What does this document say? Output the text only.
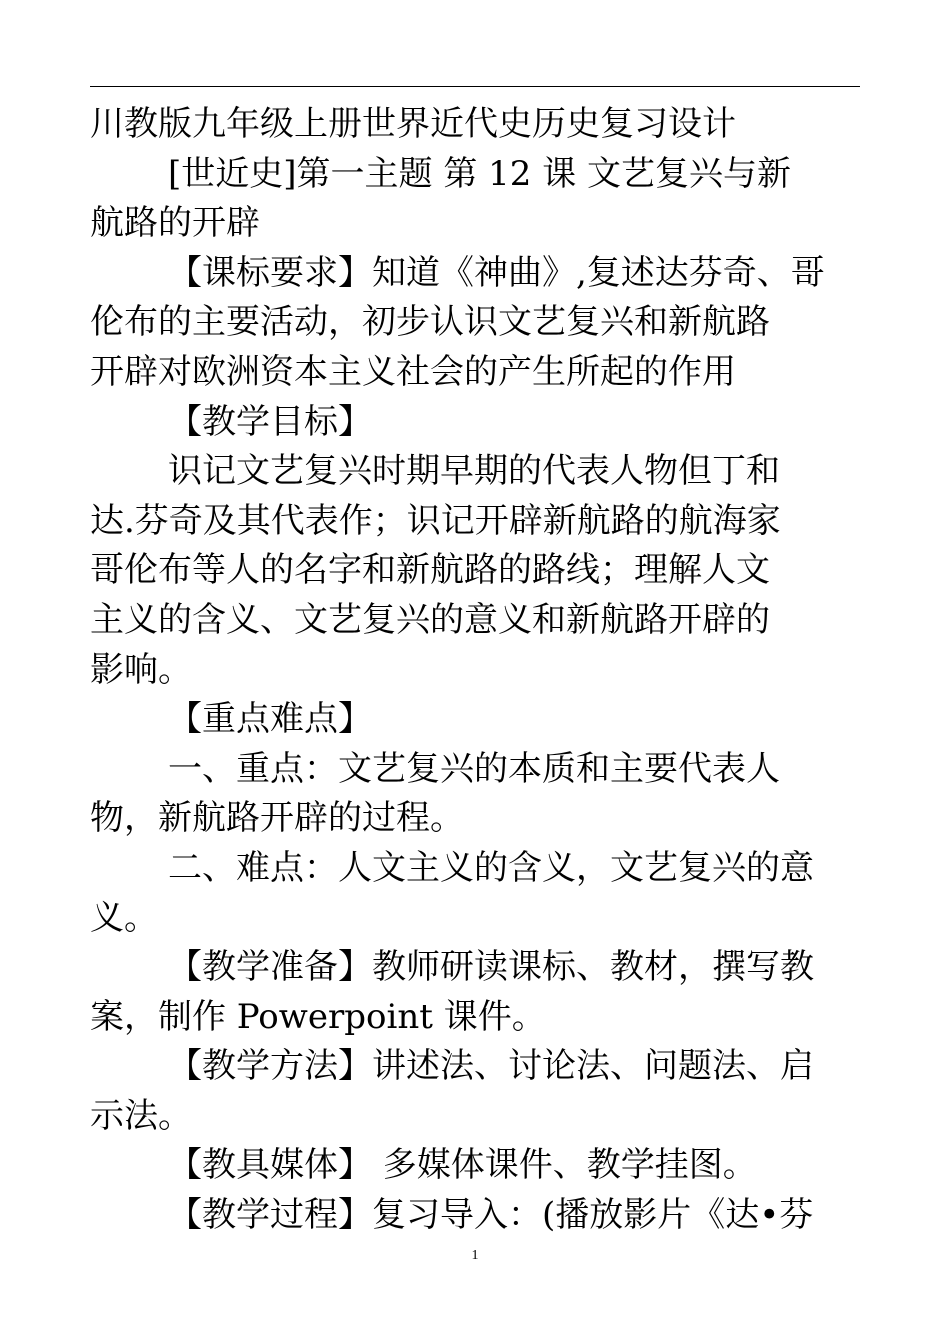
川教版九年级上册世界近代史历史复习设计
[世近史]第一主题 第 12 课 文艺复兴与新
航路的开辟
【课标要求】知道《神曲》,复述达芬奇、哥
伦布的主要活动，初步认识文艺复兴和新航路
开辟对欧洲资本主义社会的产生所起的作用
【教学目标】
识记文艺复兴时期早期的代表人物但丁和
达.芬奇及其代表作；识记开辟新航路的航海家
哥伦布等人的名字和新航路的路线；理解人文
主义的含义、文艺复兴的意义和新航路开辟的
影响。
【重点难点】
一、重点：文艺复兴的本质和主要代表人
物，新航路开辟的过程。
二、难点：人文主义的含义，文艺复兴的意
义。
【教学准备】教师研读课标、教材，撰写教
案，制作 Powerpoint 课件。
【教学方法】讲述法、讨论法、问题法、启
示法。
【教具媒体】 多媒体课件、教学挂图。
【教学过程】复习导入：(播放影片《达•芬
1
